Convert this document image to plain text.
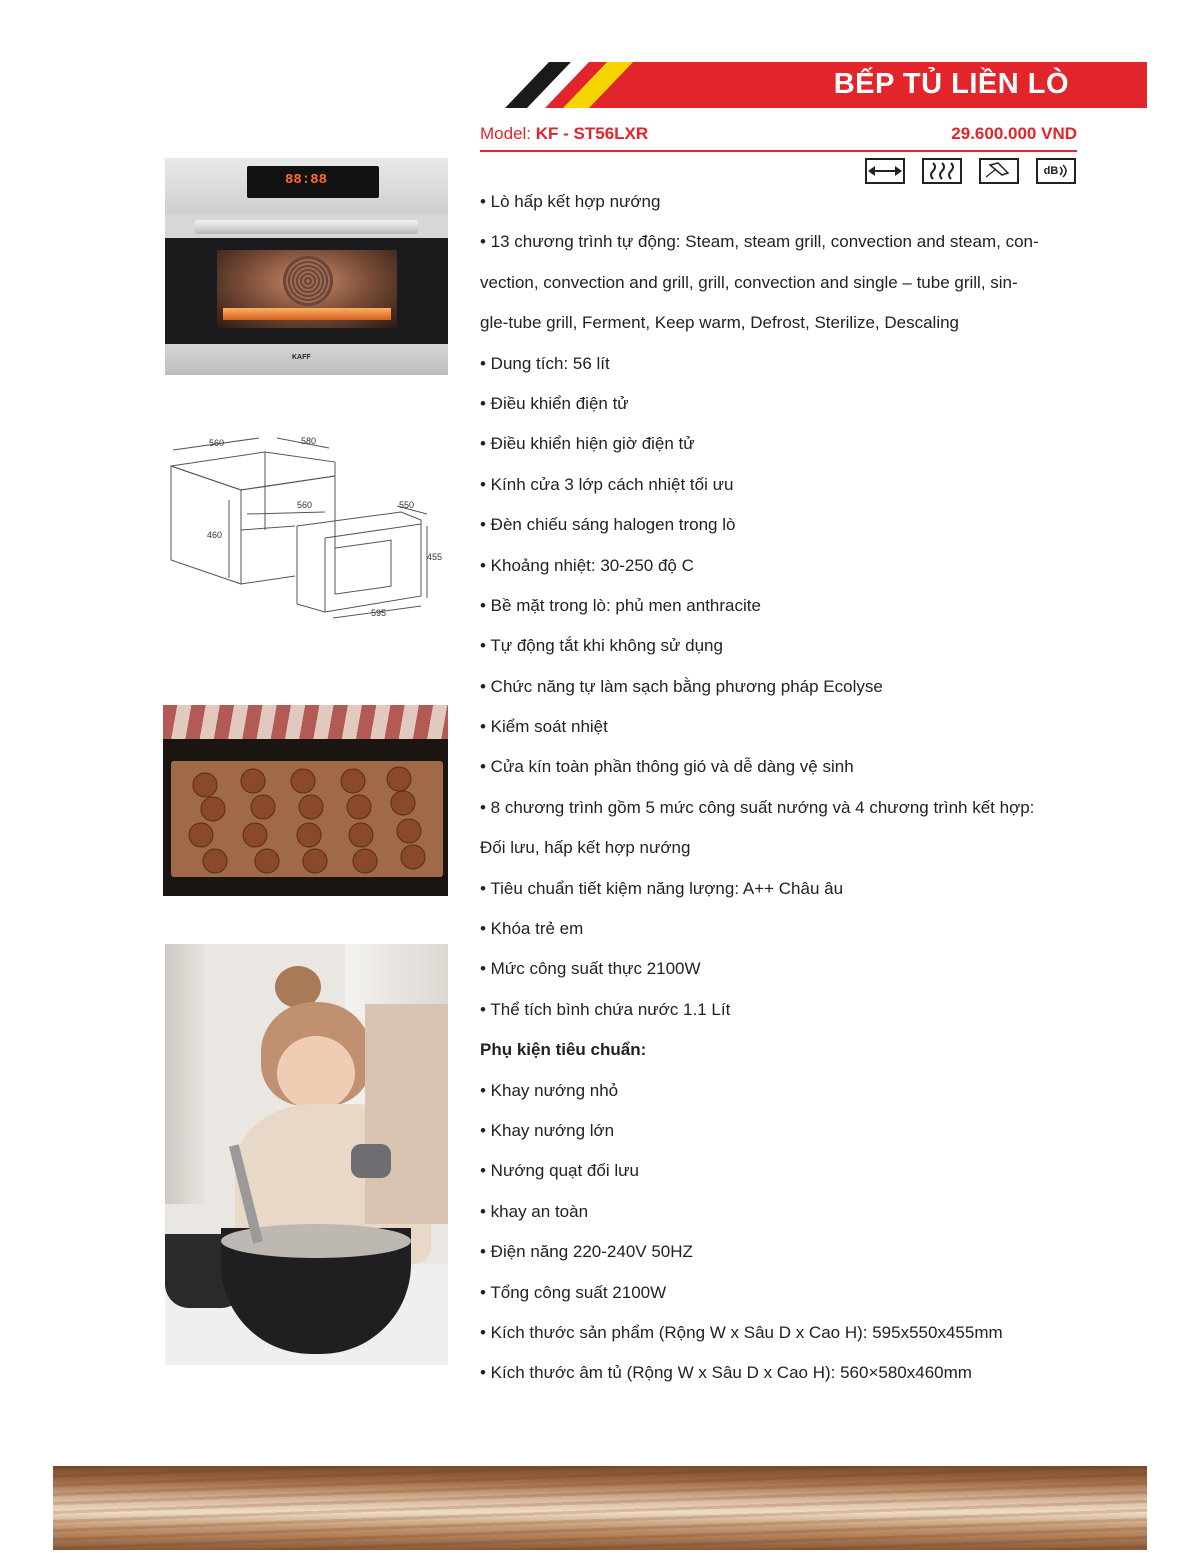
BẾP TỦ LIỀN LÒ
Model: KF - ST56LXR	29.600.000 VND
dB
88:88
KAFF
560	580
560	550
460
455
595
• Lò hấp kết hợp nướng
• 13 chương trình tự động: Steam, steam grill, convection and steam, con-
vection, convection and grill, grill, convection and single – tube grill, sin-
gle-tube grill, Ferment, Keep warm, Defrost, Sterilize, Descaling
• Dung tích: 56 lít
• Điều khiển điện tử
• Điều khiển hiện giờ điện tử
• Kính cửa 3 lớp cách nhiệt tối ưu
• Đèn chiếu sáng halogen trong lò
• Khoảng nhiệt: 30-250 độ C
• Bề mặt trong lò: phủ men anthracite
• Tự động tắt khi không sử dụng
• Chức năng tự làm sạch bằng phương pháp Ecolyse
• Kiểm soát nhiệt
• Cửa kín toàn phần thông gió và dễ dàng vệ sinh
• 8 chương trình gồm 5 mức công suất nướng và 4 chương trình kết hợp:
Đối lưu, hấp kết hợp nướng
• Tiêu chuẩn tiết kiệm năng lượng: A++ Châu âu
• Khóa trẻ em
• Mức công suất thực 2100W
• Thể tích bình chứa nước 1.1 Lít
Phụ kiện tiêu chuẩn:
• Khay nướng nhỏ
• Khay nướng lớn
• Nướng quạt đối lưu
• khay an toàn
• Điện năng 220-240V 50HZ
• Tổng công suất 2100W
• Kích thước sản phẩm (Rộng W x Sâu D x Cao H): 595x550x455mm
• Kích thước âm tủ (Rộng W x Sâu D x Cao H): 560×580x460mm
